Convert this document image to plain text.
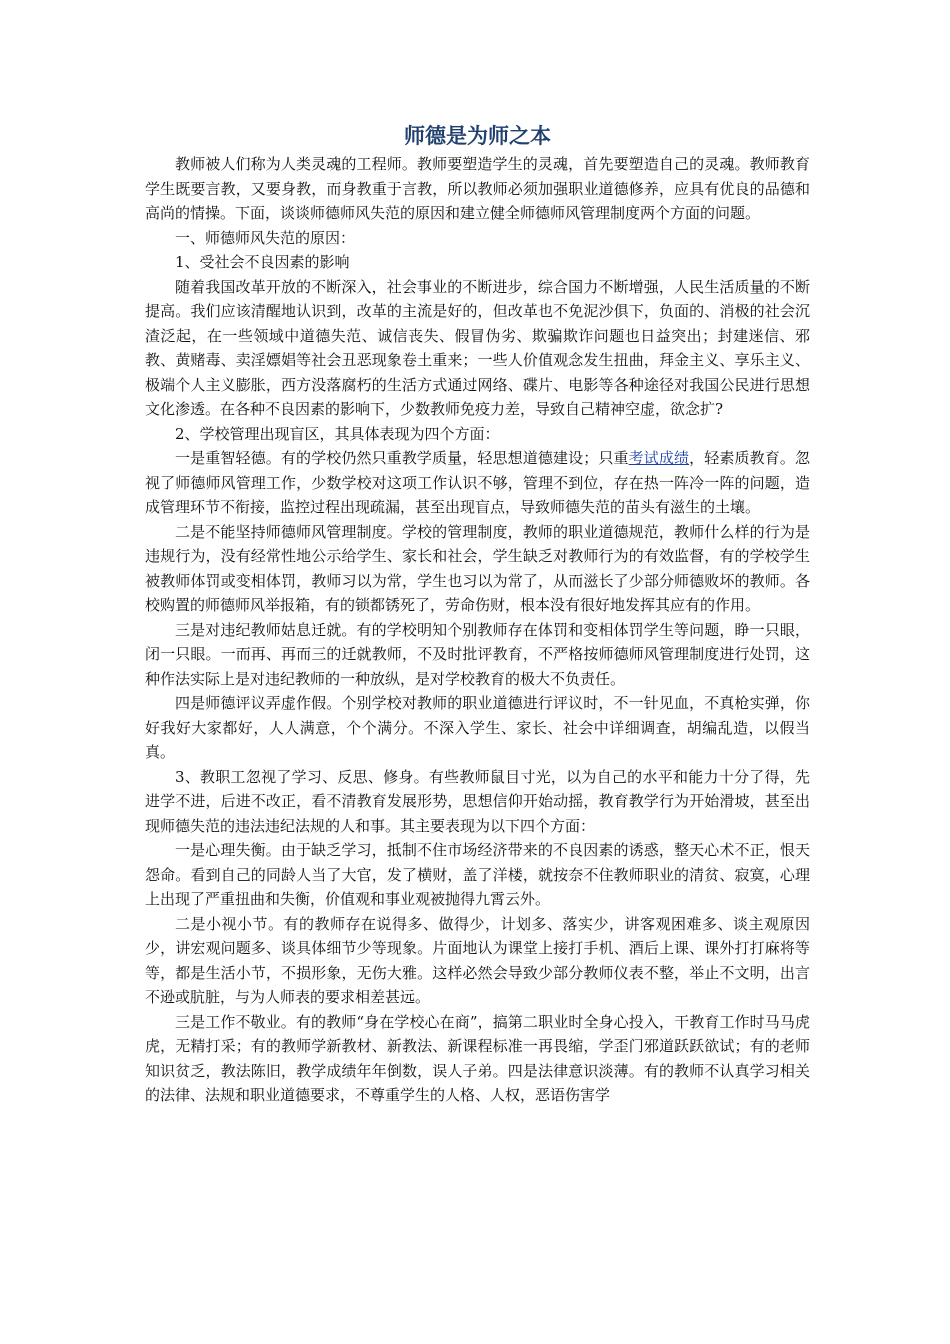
师德是为师之本

教师被人们称为人类灵魂的工程师。教师要塑造学生的灵魂，首先要塑造自己的灵魂。教师教育学生既要言教，又要身教，而身教重于言教，所以教师必须加强职业道德修养，应具有优良的品德和高尚的情操。下面，谈谈师德师风失范的原因和建立健全师德师风管理制度两个方面的问题。

一、师德师风失范的原因：

1、受社会不良因素的影响

随着我国改革开放的不断深入，社会事业的不断进步，综合国力不断增强，人民生活质量的不断提高。我们应该清醒地认识到，改革的主流是好的，但改革也不免泥沙俱下，负面的、消极的社会沉渣泛起，在一些领域中道德失范、诚信丧失、假冒伪劣、欺骗欺诈问题也日益突出；封建迷信、邪教、黄赌毒、卖淫嫖娼等社会丑恶现象卷土重来；一些人价值观念发生扭曲，拜金主义、享乐主义、极端个人主义膨胀，西方没落腐朽的生活方式通过网络、碟片、电影等各种途径对我国公民进行思想文化渗透。在各种不良因素的影响下，少数教师免疫力差，导致自己精神空虚，欲念扩?

2、学校管理出现盲区，其具体表现为四个方面：

一是重智轻德。有的学校仍然只重教学质量，轻思想道德建设；只重考试成绩，轻素质教育。忽视了师德师风管理工作，少数学校对这项工作认识不够，管理不到位，存在热一阵冷一阵的问题，造成管理环节不衔接，监控过程出现疏漏，甚至出现盲点，导致师德失范的苗头有滋生的土壤。

二是不能坚持师德师风管理制度。学校的管理制度，教师的职业道德规范，教师什么样的行为是违规行为，没有经常性地公示给学生、家长和社会，学生缺乏对教师行为的有效监督，有的学校学生被教师体罚或变相体罚，教师习以为常，学生也习以为常了，从而滋长了少部分师德败坏的教师。各校购置的师德师风举报箱，有的锁都锈死了，劳命伤财，根本没有很好地发挥其应有的作用。

三是对违纪教师姑息迁就。有的学校明知个别教师存在体罚和变相体罚学生等问题，睁一只眼，闭一只眼。一而再、再而三的迁就教师，不及时批评教育，不严格按师德师风管理制度进行处罚，这种作法实际上是对违纪教师的一种放纵，是对学校教育的极大不负责任。

四是师德评议弄虚作假。个别学校对教师的职业道德进行评议时，不一针见血，不真枪实弹，你好我好大家都好，人人满意，个个满分。不深入学生、家长、社会中详细调查，胡编乱造，以假当真。

3、教职工忽视了学习、反思、修身。有些教师鼠目寸光，以为自己的水平和能力十分了得，先进学不进，后进不改正，看不清教育发展形势，思想信仰开始动摇，教育教学行为开始滑坡，甚至出现师德失范的违法违纪法规的人和事。其主要表现为以下四个方面：

一是心理失衡。由于缺乏学习，抵制不住市场经济带来的不良因素的诱惑，整天心术不正，恨天怨命。看到自己的同龄人当了大官，发了横财，盖了洋楼，就按奈不住教师职业的清贫、寂寞，心理上出现了严重扭曲和失衡，价值观和事业观被抛得九霄云外。

二是小视小节。有的教师存在说得多、做得少，计划多、落实少，讲客观困难多、谈主观原因少，讲宏观问题多、谈具体细节少等现象。片面地认为课堂上接打手机、酒后上课、课外打打麻将等等，都是生活小节，不损形象，无伤大雅。这样必然会导致少部分教师仪表不整，举止不文明，出言不逊或肮脏，与为人师表的要求相差甚远。

三是工作不敬业。有的教师“身在学校心在商”，搞第二职业时全身心投入，干教育工作时马马虎虎，无精打采；有的教师学新教材、新教法、新课程标准一再畏缩，学歪门邪道跃跃欲试；有的老师知识贫乏，教法陈旧，教学成绩年年倒数，误人子弟。四是法律意识淡薄。有的教师不认真学习相关的法律、法规和职业道德要求，不尊重学生的人格、人权，恶语伤害学
